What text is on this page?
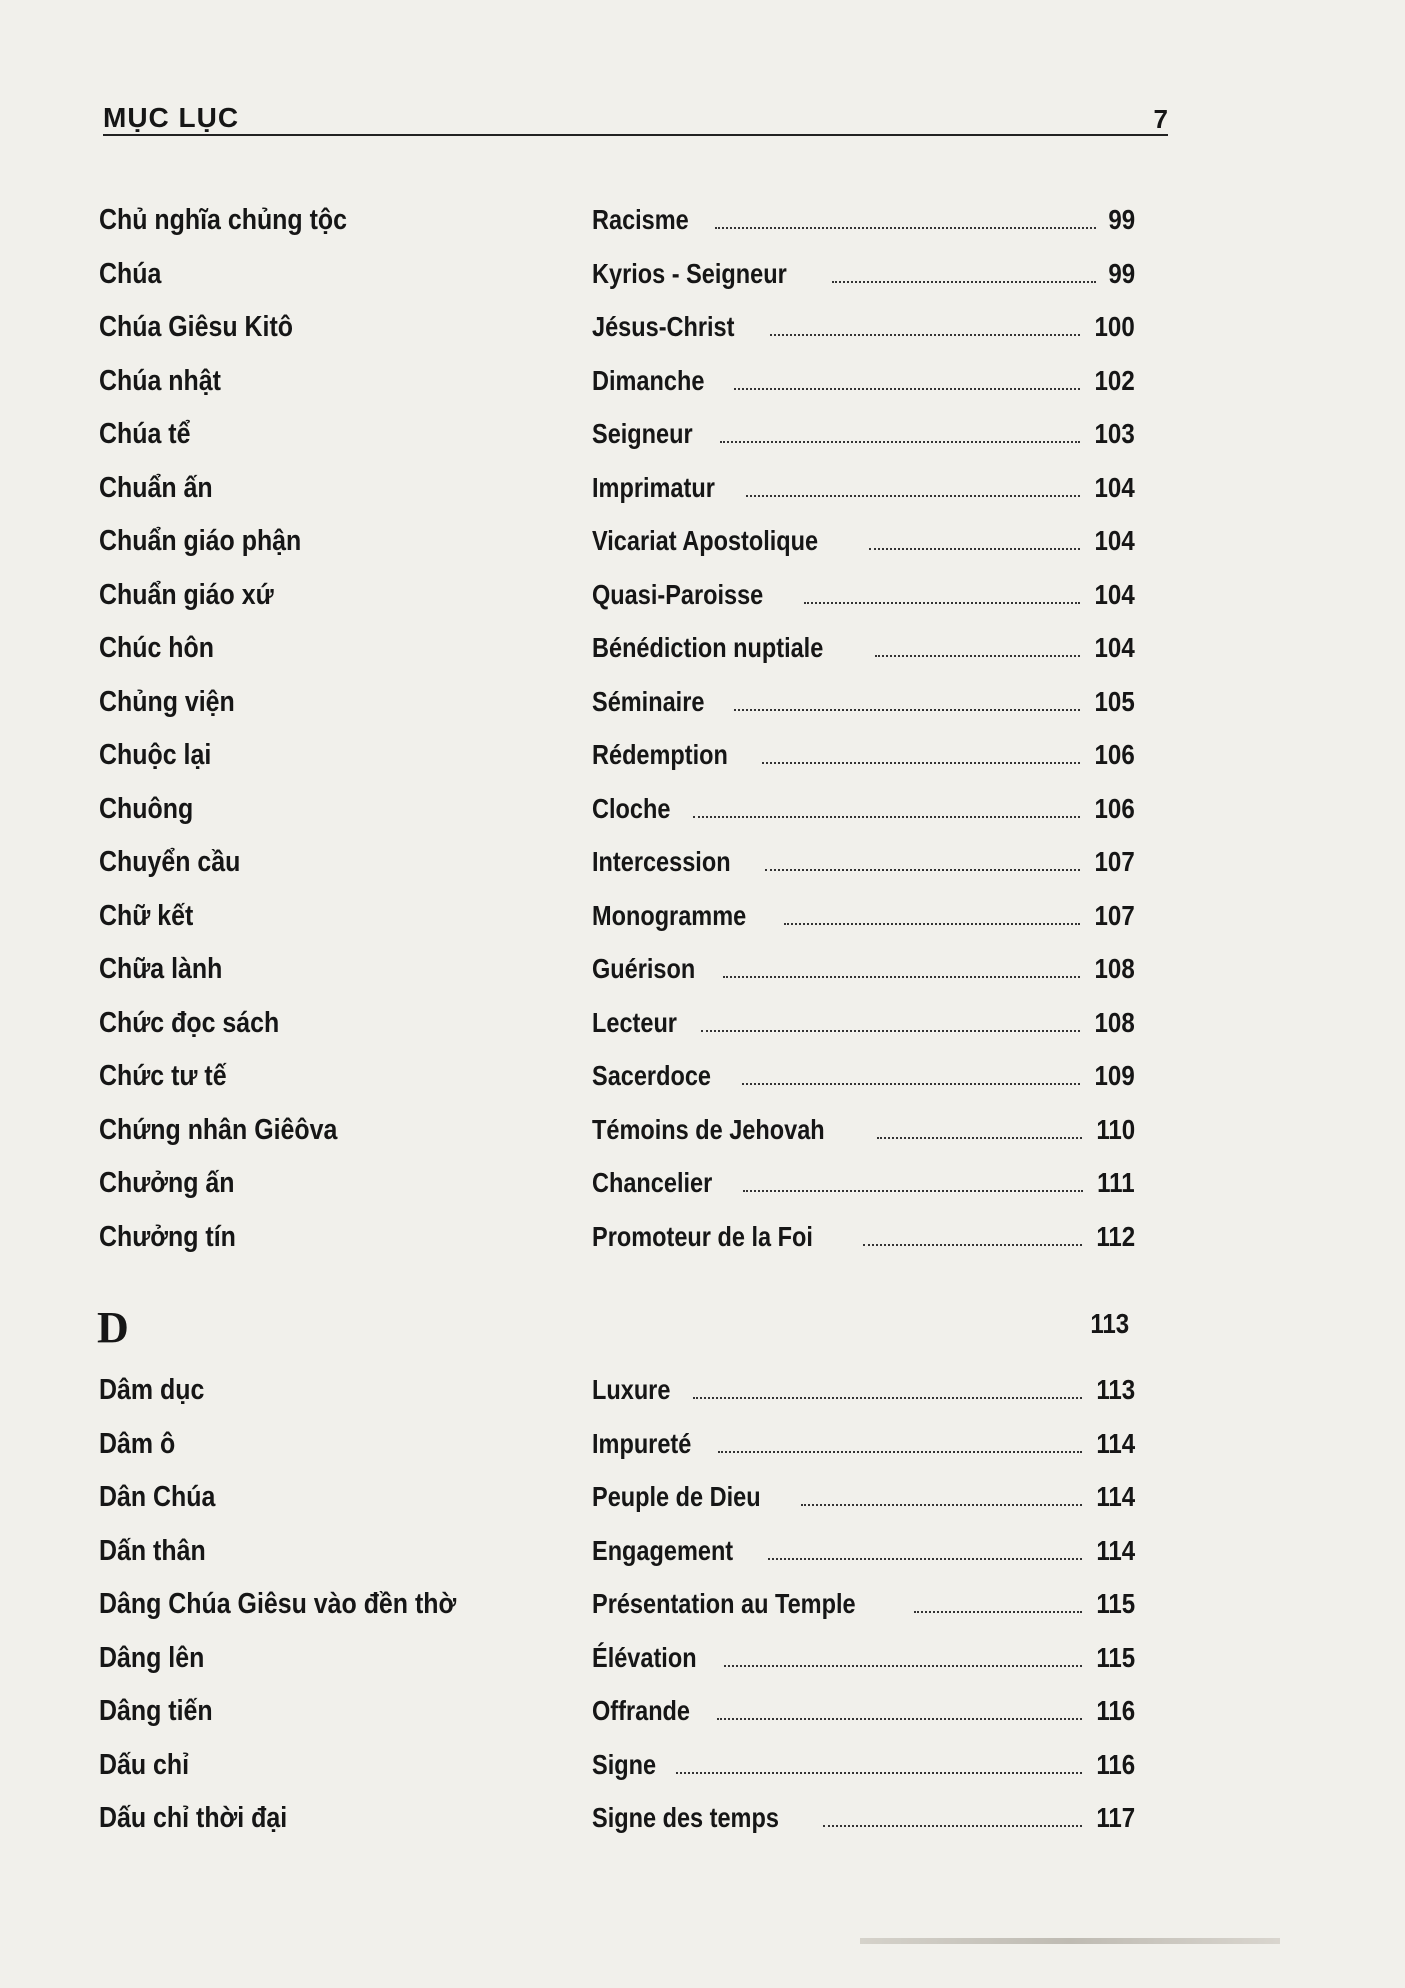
MỤC LỤC	7
Chủ nghĩa chủng tộc	Racisme	99
Chúa	Kyrios - Seigneur	99
Chúa Giêsu Kitô	Jésus-Christ	100
Chúa nhật	Dimanche	102
Chúa tể	Seigneur	103
Chuẩn ấn	Imprimatur	104
Chuẩn giáo phận	Vicariat Apostolique	104
Chuẩn giáo xứ	Quasi-Paroisse	104
Chúc hôn	Bénédiction nuptiale	104
Chủng viện	Séminaire	105
Chuộc lại	Rédemption	106
Chuông	Cloche	106
Chuyển cầu	Intercession	107
Chữ kết	Monogramme	107
Chữa lành	Guérison	108
Chức đọc sách	Lecteur	108
Chức tư tế	Sacerdoce	109
Chứng nhân Giêôva	Témoins de Jehovah	110
Chưởng ấn	Chancelier	111
Chưởng tín	Promoteur de la Foi	112
D	113
Dâm dục	Luxure	113
Dâm ô	Impureté	114
Dân Chúa	Peuple de Dieu	114
Dấn thân	Engagement	114
Dâng Chúa Giêsu vào đền thờ	Présentation au Temple	115
Dâng lên	Élévation	115
Dâng tiến	Offrande	116
Dấu chỉ	Signe	116
Dấu chỉ thời đại	Signe des temps	117
